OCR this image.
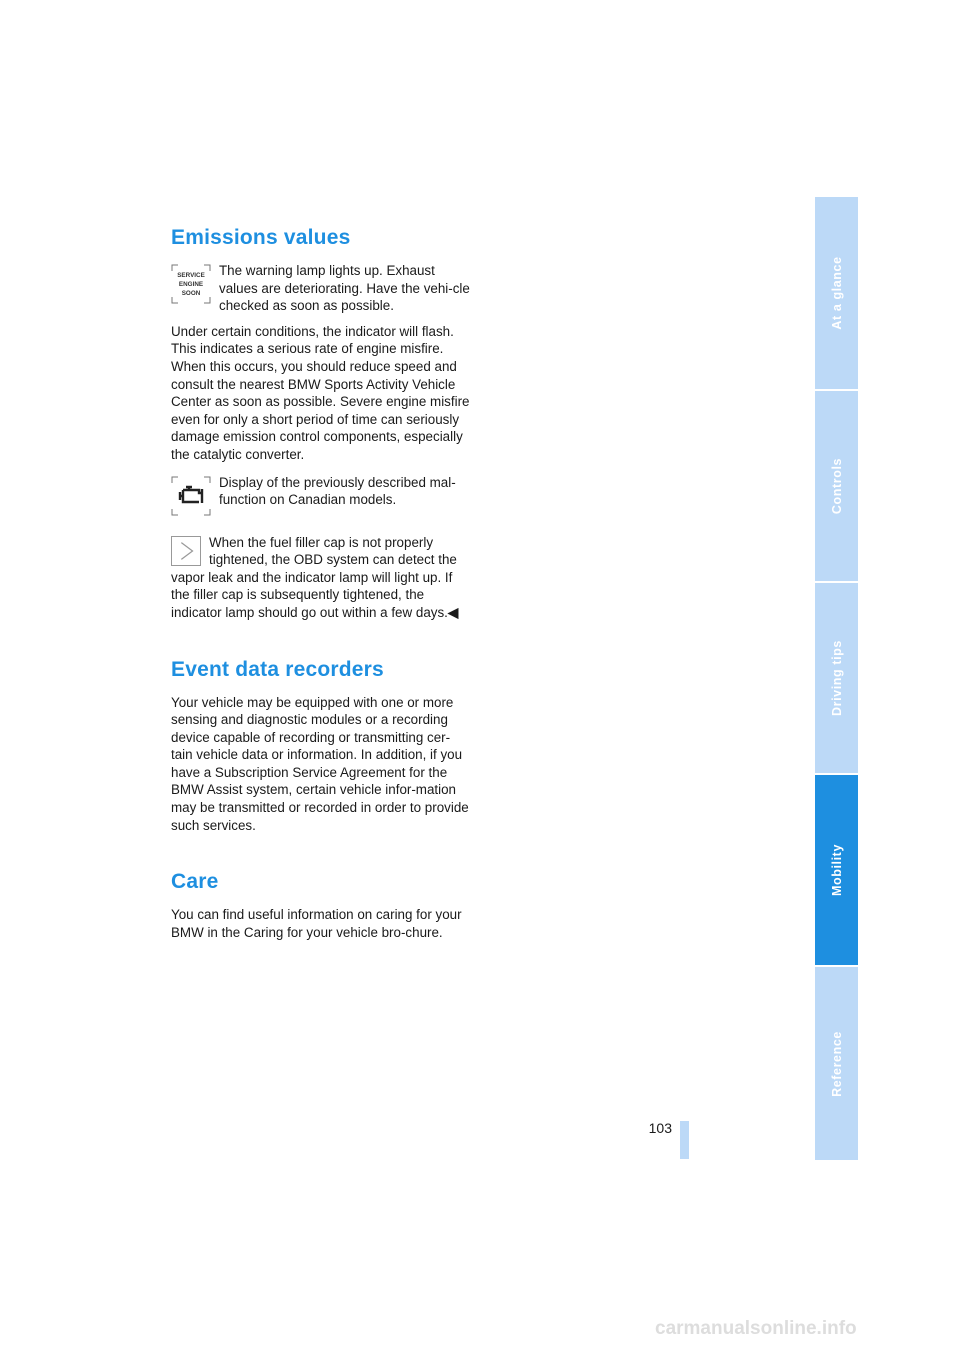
Emissions values
SERVICE
ENGINE
SOON

The warning lamp lights up. Exhaust values are deteriorating. Have the vehi-cle checked as soon as possible.

Under certain conditions, the indicator will flash. This indicates a serious rate of engine misfire. When this occurs, you should reduce speed and consult the nearest BMW Sports Activity Vehicle Center as soon as possible. Severe engine misfire even for only a short period of time can seriously damage emission control components, especially the catalytic converter.

Display of the previously described mal-function on Canadian models.

When the fuel filler cap is not properly tightened, the OBD system can detect the vapor leak and the indicator lamp will light up. If the filler cap is subsequently tightened, the indicator lamp should go out within a few days.◀

Event data recorders

Your vehicle may be equipped with one or more sensing and diagnostic modules or a recording device capable of recording or transmitting cer-tain vehicle data or information. In addition, if you have a Subscription Service Agreement for the BMW Assist system, certain vehicle infor-mation may be transmitted or recorded in order to provide such services.

Care

You can find useful information on caring for your BMW in the Caring for your vehicle bro-chure.

At a glance
Controls
Driving tips
Mobility
Reference
103
carmanualsonline.info
